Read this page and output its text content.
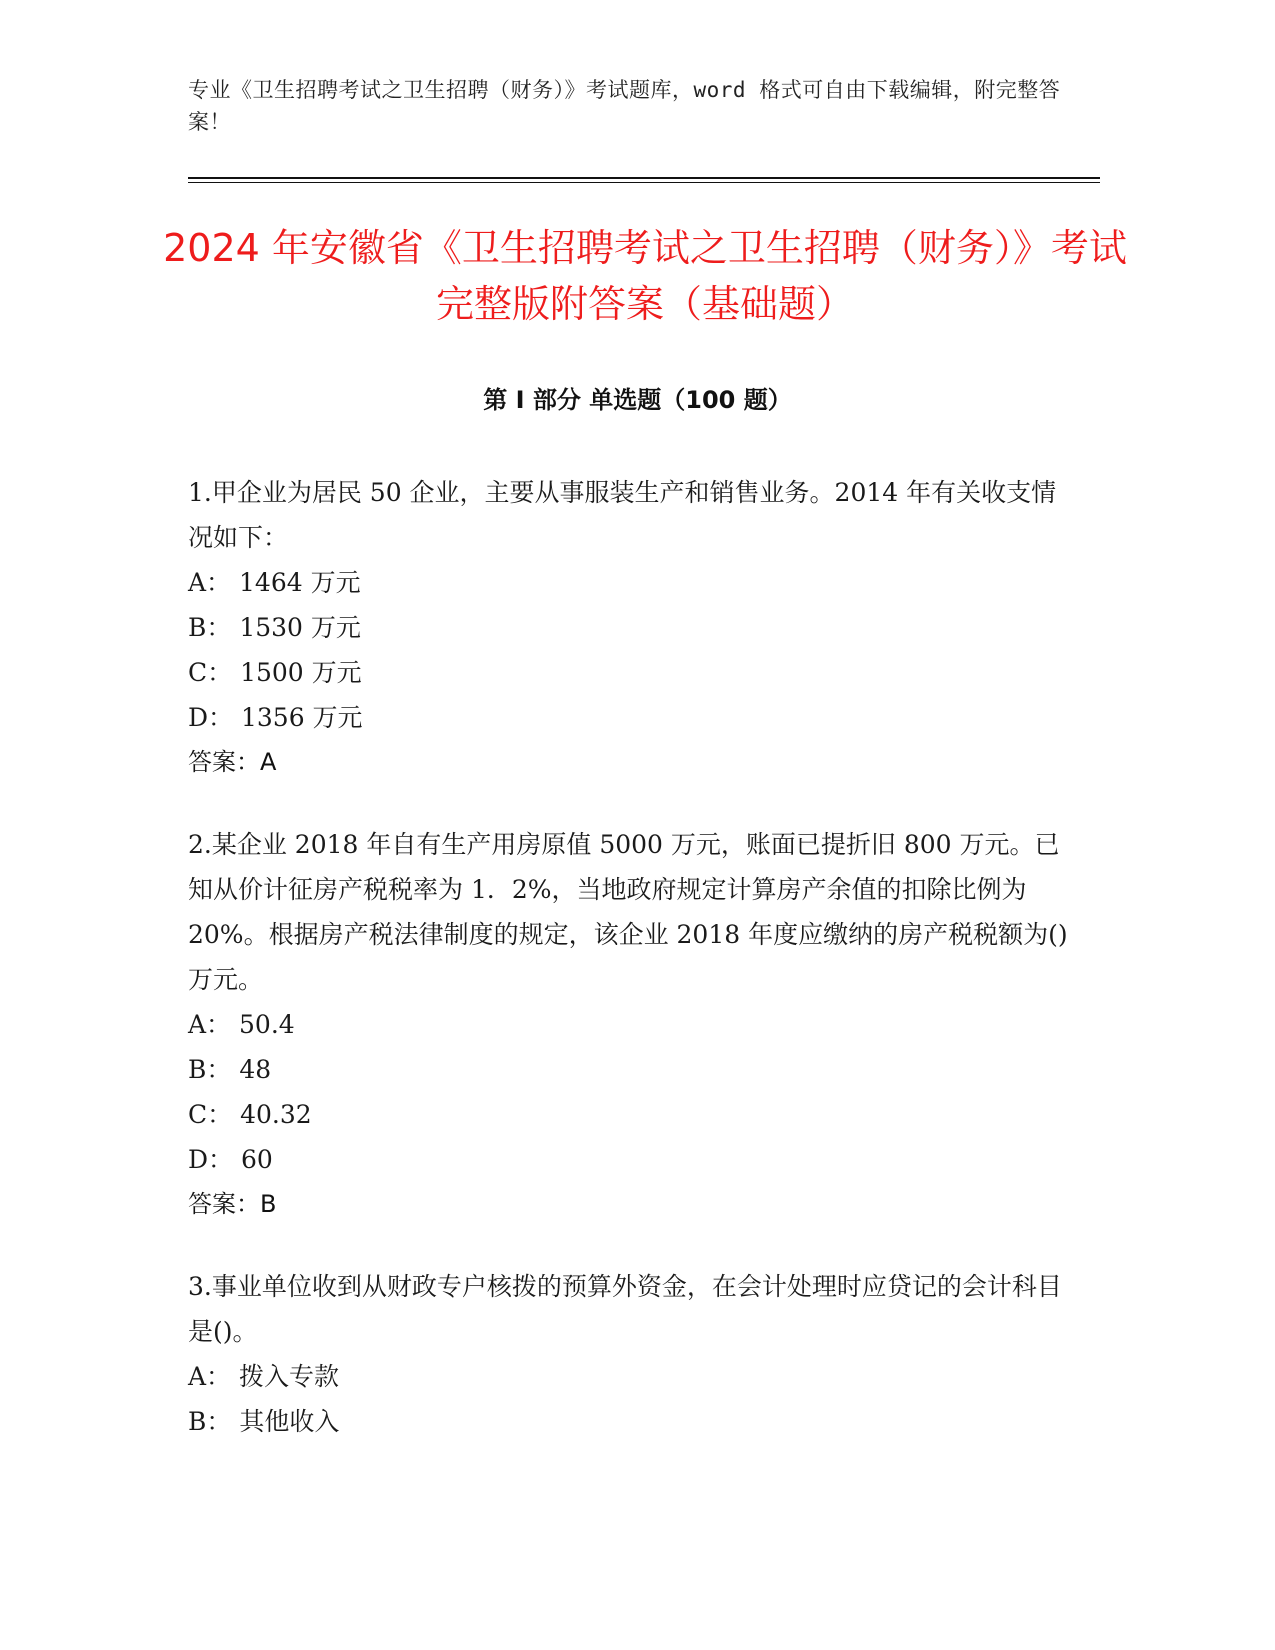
专业《卫生招聘考试之卫生招聘（财务）》考试题库，word 格式可自由下载编辑，附完整答案！
2024 年安徽省《卫生招聘考试之卫生招聘（财务）》考试完整版附答案（基础题）
第 I 部分 单选题（100 题）

1.甲企业为居民 50 企业，主要从事服装生产和销售业务。2014 年有关收支情况如下：

A： 1464 万元

B： 1530 万元

C： 1500 万元

D： 1356 万元

答案：A

2.某企业 2018 年自有生产用房原值 5000 万元，账面已提折旧 800 万元。已知从价计征房产税税率为 1．2%，当地政府规定计算房产余值的扣除比例为 20%。根据房产税法律制度的规定，该企业 2018 年度应缴纳的房产税税额为()万元。

A： 50.4

B： 48

C： 40.32

D： 60

答案：B

3.事业单位收到从财政专户核拨的预算外资金，在会计处理时应贷记的会计科目是()。

A： 拨入专款

B： 其他收入
